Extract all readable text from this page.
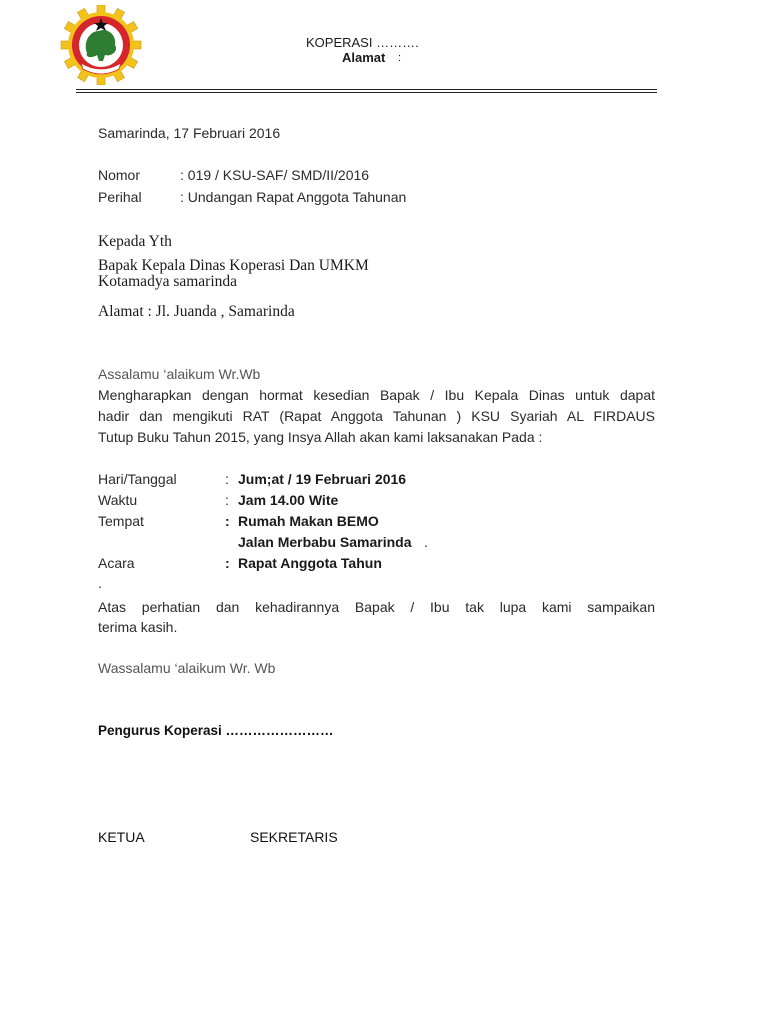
KOPERASI ……….
Alamat :
Samarinda, 17 Februari 2016
Nomor	: 019 / KSU-SAF/ SMD/II/2016
Perihal	: Undangan Rapat Anggota Tahunan
Kepada Yth
Bapak Kepala Dinas Koperasi Dan UMKM
Kotamadya samarinda
Alamat : Jl. Juanda , Samarinda
Assalamu ‘alaikum Wr.Wb
Mengharapkan dengan hormat kesedian Bapak / Ibu Kepala Dinas untuk dapat
hadir dan mengikuti RAT (Rapat Anggota Tahunan ) KSU Syariah AL FIRDAUS
Tutup Buku Tahun 2015, yang Insya Allah akan kami laksanakan Pada :
Hari/Tanggal	: Jum;at / 19 Februari 2016
Waktu	: Jam 14.00 Wite
Tempat	: Rumah Makan BEMO
Jalan Merbabu Samarinda .
Acara	: Rapat Anggota Tahun
.
Atas perhatian dan kehadirannya Bapak / Ibu tak lupa kami sampaikan
terima kasih.
Wassalamu ‘alaikum Wr. Wb
Pengurus Koperasi ……………………
KETUA	SEKRETARIS
